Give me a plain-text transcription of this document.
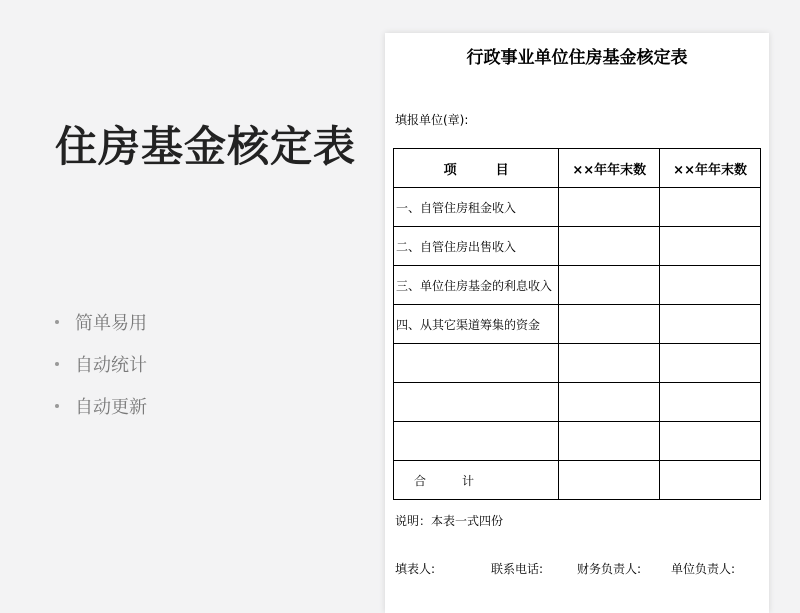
住房基金核定表
简单易用
自动统计
自动更新
行政事业单位住房基金核定表
填报单位(章):
项　　　目	××年年末数	××年年末数
一、自管住房租金收入		
二、自管住房出售收入		
三、单位住房基金的利息收入		
四、从其它渠道筹集的资金		

合　　　计		
说明：本表一式四份
填表人:	联系电话:	财务负责人: 单位负责人:
